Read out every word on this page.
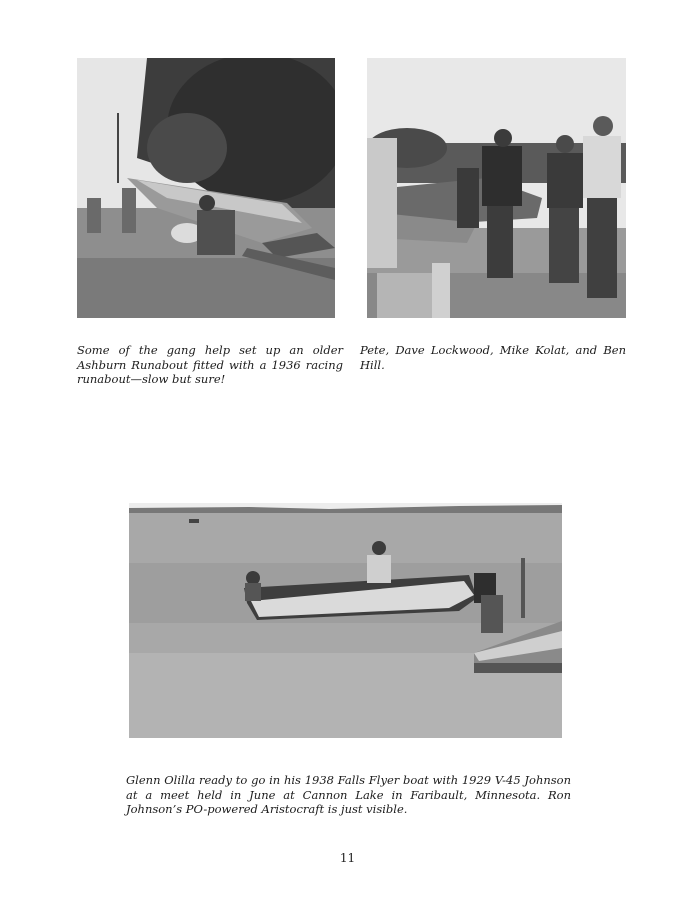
Some of the gang help set up an older Ashburn Runabout fitted with a 1936 racing runabout—slow but sure!

Pete, Dave Lockwood, Mike Kolat, and Ben Hill.

Glenn Olilla ready to go in his 1938 Falls Flyer boat with 1929 V-45 Johnson at a meet held in June at Cannon Lake in Faribault, Minnesota. Ron Johnson’s PO-powered Aristocraft is just visible.

11
